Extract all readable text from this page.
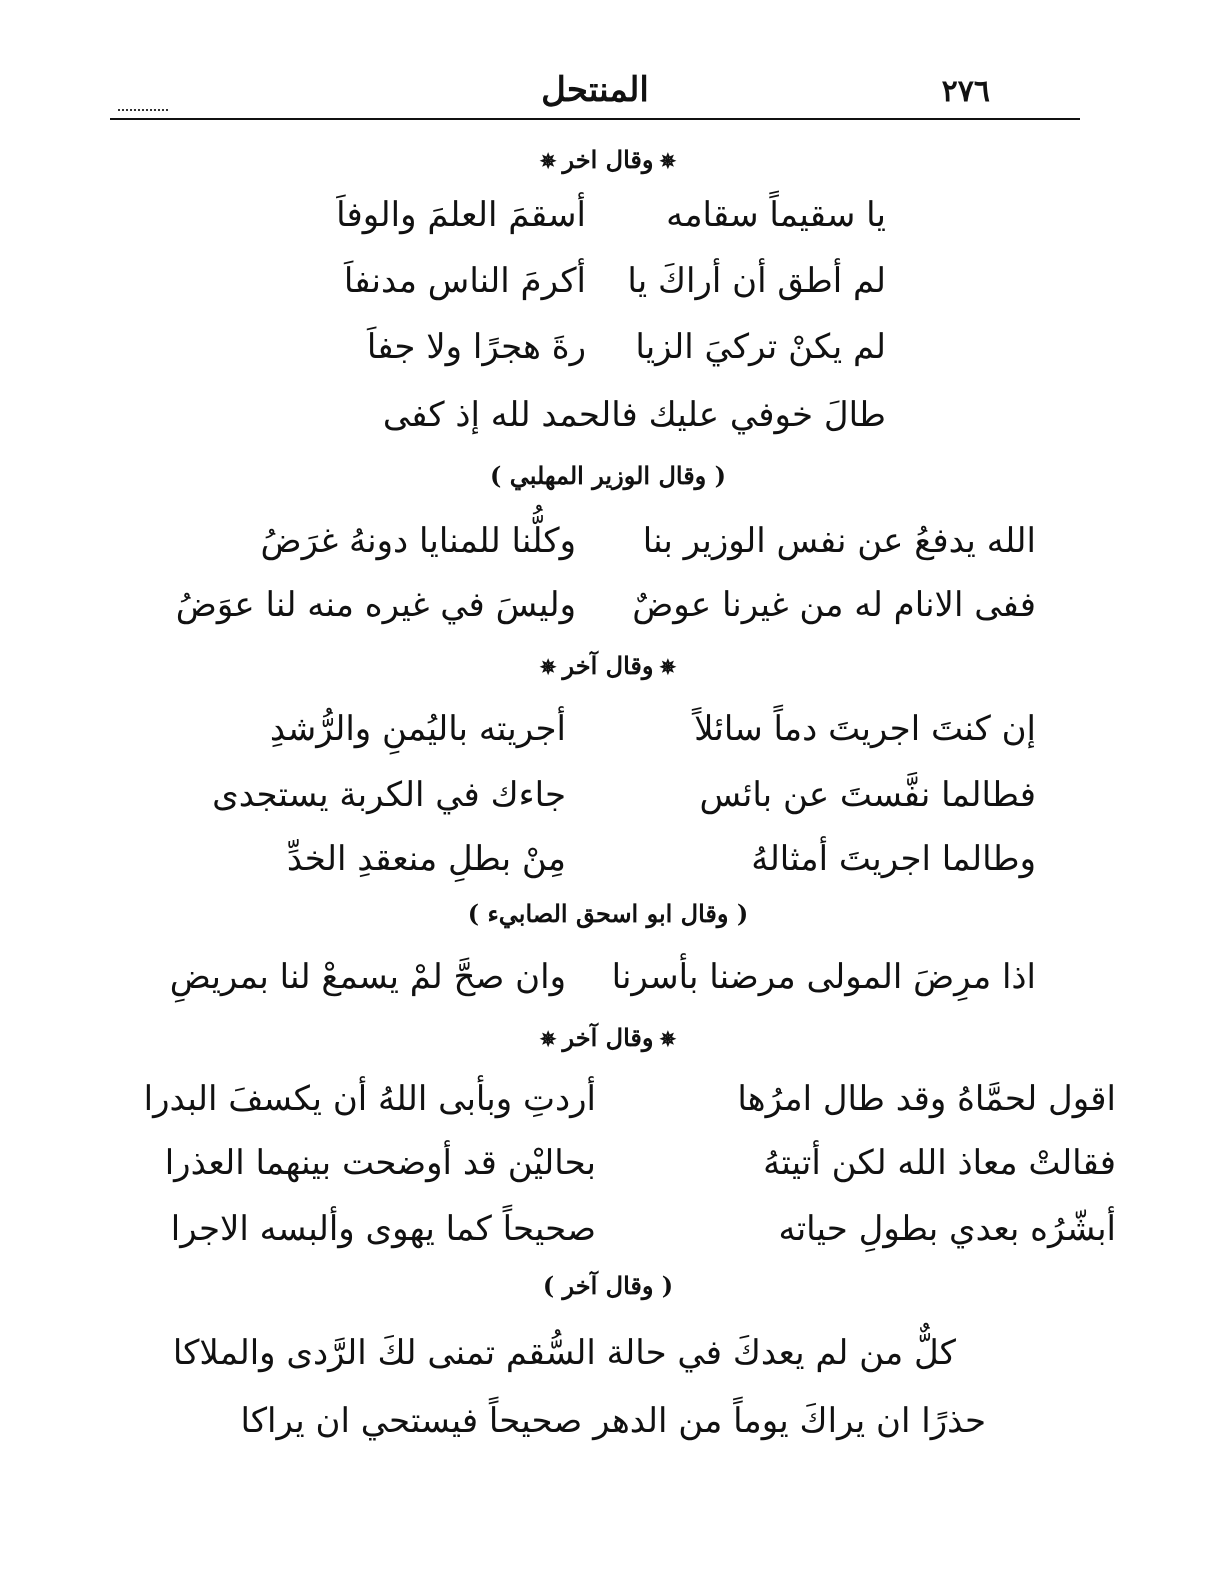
المنتحل	٢٧٦
✵وقال اخر✵
يا سقيماً سقامه
أسقمَ العلمَ والوفاَ
لم أطق أن أراكَ يا
أكرمَ الناس مدنفاَ
لم يكنْ تركيَ الزيا
رةَ هجرًا ولا جفاَ
طالَ خوفي عليك فالحمد لله إذ كفى
( وقال الوزير المهلبي )
الله يدفعُ عن نفس الوزير بنا
وكلُّنا للمنايا دونهُ غرَضُ
ففى الانام له من غيرنا عوضٌ
وليسَ في غيره منه لنا عوَضُ
✵وقال آخر✵
إن كنتَ اجريتَ دماً سائلاً
أجريته باليُمنِ والرُّشدِ
فطالما نفَّستَ عن بائس
جاءك في الكربة يستجدى
وطالما اجريتَ أمثالهُ
مِنْ بطلِ منعقدِ الخدِّ
( وقال ابو اسحق الصابيء )
اذا مرِضَ المولى مرضنا بأسرنا
وان صحَّ لمْ يسمعْ لنا بمريضِ
✵وقال آخر✵
اقول لحمَّاهُ وقد طال امرُها
أردتِ وبأبى اللهُ أن يكسفَ البدرا
فقالتْ معاذ الله لكن أتيتهُ
بحاليْن قد أوضحت بينهما العذرا
أبشّرُه بعدي بطولِ حياته
صحيحاً كما يهوى وألبسه الاجرا
( وقال آخر )
كلٌّ من لم يعدكَ في حالة السُّقم تمنى لكَ الرَّدى والملاكا
حذرًا ان يراكَ يوماً من الدهر صحيحاً فيستحي ان يراكا
